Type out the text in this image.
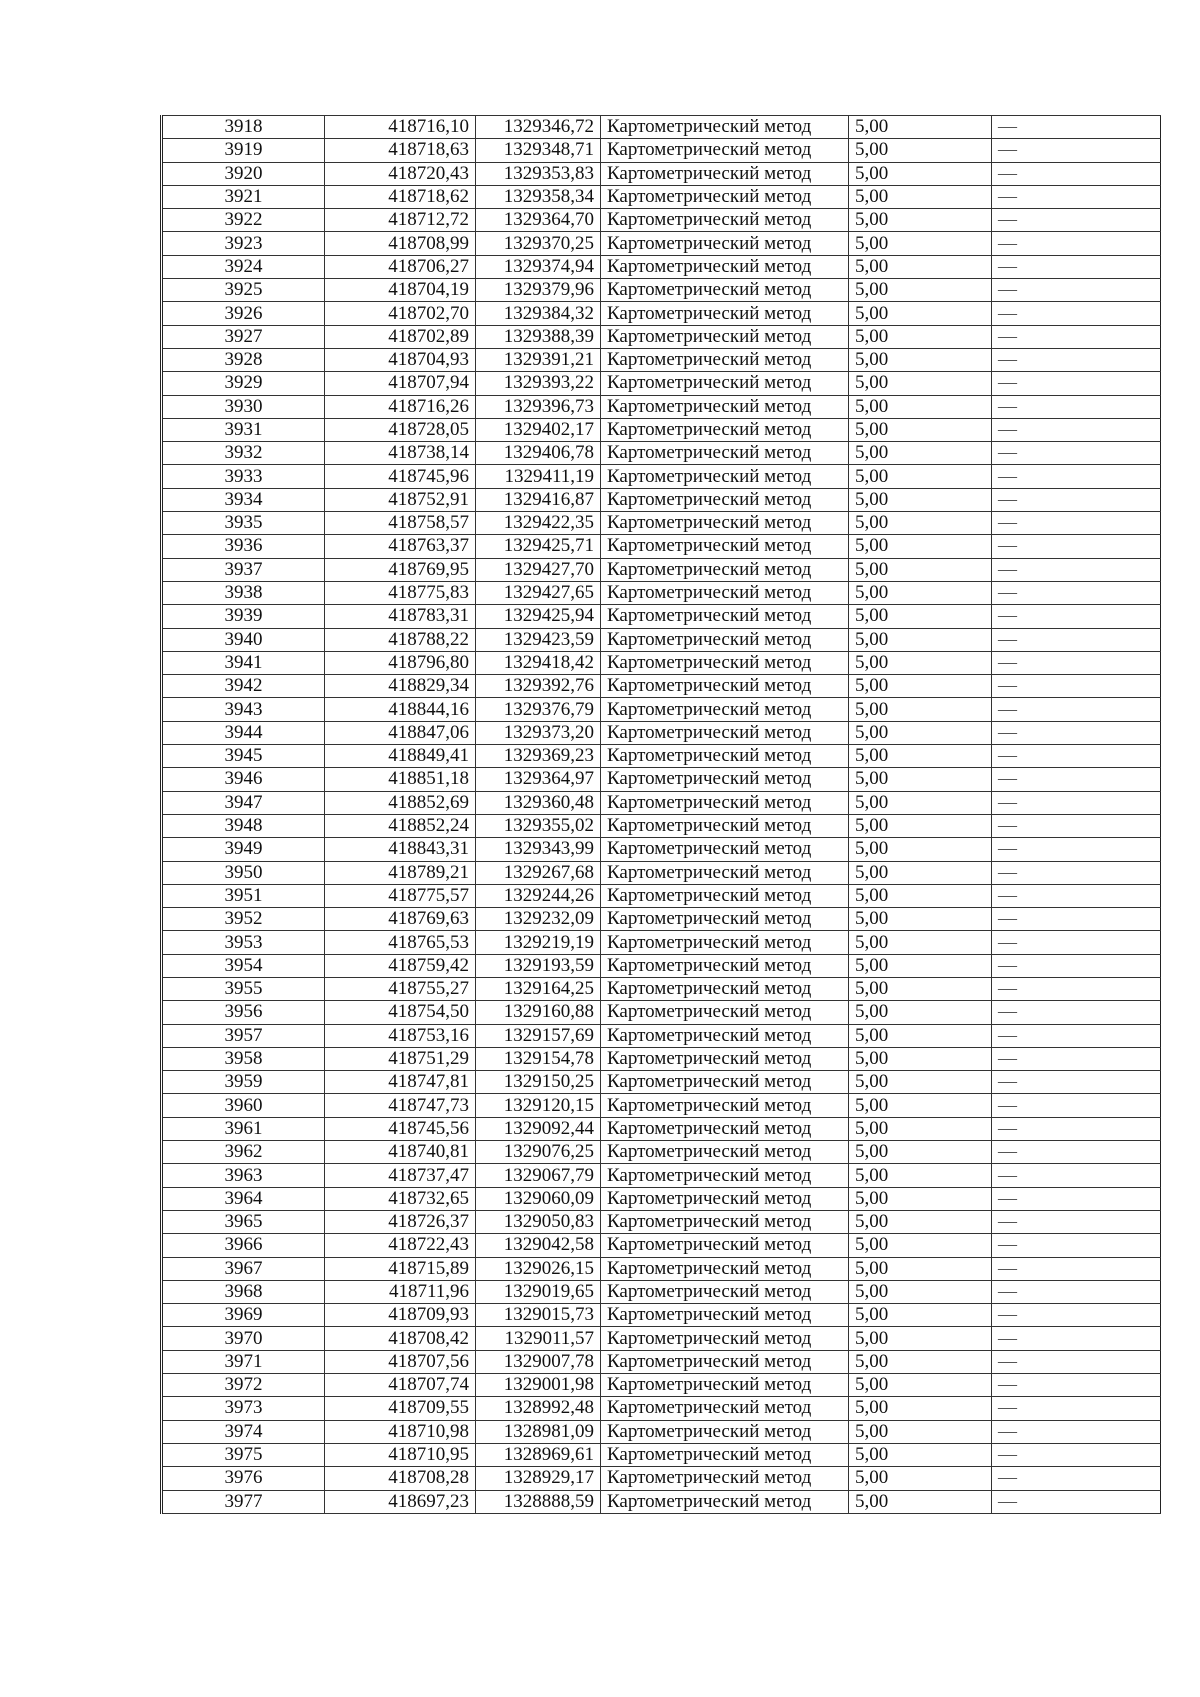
3918	418716,10	1329346,72	Картометрический метод	5,00	—
3919	418718,63	1329348,71	Картометрический метод	5,00	—
3920	418720,43	1329353,83	Картометрический метод	5,00	—
3921	418718,62	1329358,34	Картометрический метод	5,00	—
3922	418712,72	1329364,70	Картометрический метод	5,00	—
3923	418708,99	1329370,25	Картометрический метод	5,00	—
3924	418706,27	1329374,94	Картометрический метод	5,00	—
3925	418704,19	1329379,96	Картометрический метод	5,00	—
3926	418702,70	1329384,32	Картометрический метод	5,00	—
3927	418702,89	1329388,39	Картометрический метод	5,00	—
3928	418704,93	1329391,21	Картометрический метод	5,00	—
3929	418707,94	1329393,22	Картометрический метод	5,00	—
3930	418716,26	1329396,73	Картометрический метод	5,00	—
3931	418728,05	1329402,17	Картометрический метод	5,00	—
3932	418738,14	1329406,78	Картометрический метод	5,00	—
3933	418745,96	1329411,19	Картометрический метод	5,00	—
3934	418752,91	1329416,87	Картометрический метод	5,00	—
3935	418758,57	1329422,35	Картометрический метод	5,00	—
3936	418763,37	1329425,71	Картометрический метод	5,00	—
3937	418769,95	1329427,70	Картометрический метод	5,00	—
3938	418775,83	1329427,65	Картометрический метод	5,00	—
3939	418783,31	1329425,94	Картометрический метод	5,00	—
3940	418788,22	1329423,59	Картометрический метод	5,00	—
3941	418796,80	1329418,42	Картометрический метод	5,00	—
3942	418829,34	1329392,76	Картометрический метод	5,00	—
3943	418844,16	1329376,79	Картометрический метод	5,00	—
3944	418847,06	1329373,20	Картометрический метод	5,00	—
3945	418849,41	1329369,23	Картометрический метод	5,00	—
3946	418851,18	1329364,97	Картометрический метод	5,00	—
3947	418852,69	1329360,48	Картометрический метод	5,00	—
3948	418852,24	1329355,02	Картометрический метод	5,00	—
3949	418843,31	1329343,99	Картометрический метод	5,00	—
3950	418789,21	1329267,68	Картометрический метод	5,00	—
3951	418775,57	1329244,26	Картометрический метод	5,00	—
3952	418769,63	1329232,09	Картометрический метод	5,00	—
3953	418765,53	1329219,19	Картометрический метод	5,00	—
3954	418759,42	1329193,59	Картометрический метод	5,00	—
3955	418755,27	1329164,25	Картометрический метод	5,00	—
3956	418754,50	1329160,88	Картометрический метод	5,00	—
3957	418753,16	1329157,69	Картометрический метод	5,00	—
3958	418751,29	1329154,78	Картометрический метод	5,00	—
3959	418747,81	1329150,25	Картометрический метод	5,00	—
3960	418747,73	1329120,15	Картометрический метод	5,00	—
3961	418745,56	1329092,44	Картометрический метод	5,00	—
3962	418740,81	1329076,25	Картометрический метод	5,00	—
3963	418737,47	1329067,79	Картометрический метод	5,00	—
3964	418732,65	1329060,09	Картометрический метод	5,00	—
3965	418726,37	1329050,83	Картометрический метод	5,00	—
3966	418722,43	1329042,58	Картометрический метод	5,00	—
3967	418715,89	1329026,15	Картометрический метод	5,00	—
3968	418711,96	1329019,65	Картометрический метод	5,00	—
3969	418709,93	1329015,73	Картометрический метод	5,00	—
3970	418708,42	1329011,57	Картометрический метод	5,00	—
3971	418707,56	1329007,78	Картометрический метод	5,00	—
3972	418707,74	1329001,98	Картометрический метод	5,00	—
3973	418709,55	1328992,48	Картометрический метод	5,00	—
3974	418710,98	1328981,09	Картометрический метод	5,00	—
3975	418710,95	1328969,61	Картометрический метод	5,00	—
3976	418708,28	1328929,17	Картометрический метод	5,00	—
3977	418697,23	1328888,59	Картометрический метод	5,00	—
